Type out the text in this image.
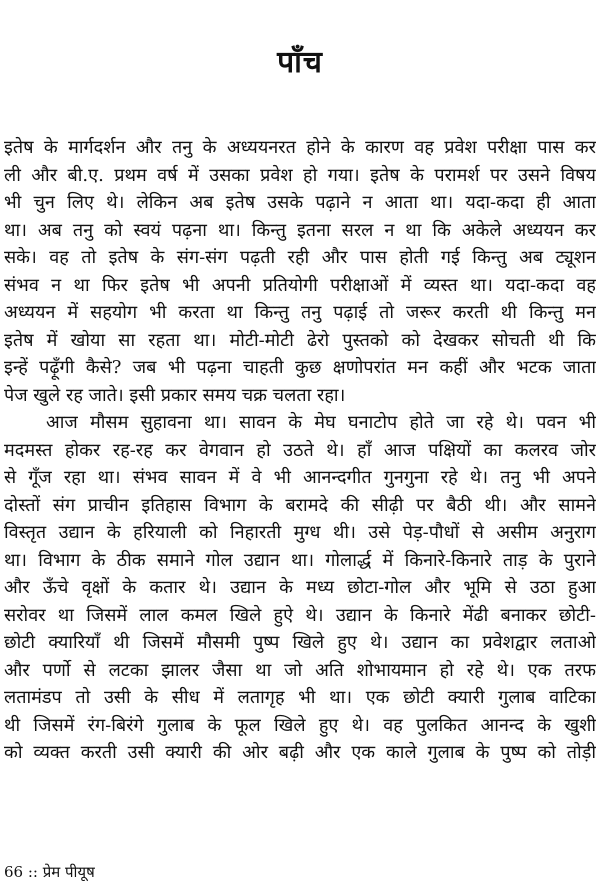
पाँच
इतेष के मार्गदर्शन और तनु के अध्ययनरत होने के कारण वह प्रवेश परीक्षा पास कर
ली और बी.ए. प्रथम वर्ष में उसका प्रवेश हो गया। इतेष के परामर्श पर उसने विषय
भी चुन लिए थे। लेकिन अब इतेष उसके पढ़ाने न आता था। यदा-कदा ही आता
था। अब तनु को स्वयं पढ़ना था। किन्तु इतना सरल न था कि अकेले अध्ययन कर
सके। वह तो इतेष के संग-संग पढ़ती रही और पास होती गई किन्तु अब ट्यूशन
संभव न था फिर इतेष भी अपनी प्रतियोगी परीक्षाओं में व्यस्त था। यदा-कदा वह
अध्ययन में सहयोग भी करता था किन्तु तनु पढ़ाई तो जरूर करती थी किन्तु मन
इतेष में खोया सा रहता था। मोटी-मोटी ढेरो पुस्तको को देखकर सोचती थी कि
इन्हें पढ़ूँगी कैसे? जब भी पढ़ना चाहती कुछ क्षणोपरांत मन कहीं और भटक जाता
पेज खुले रह जाते। इसी प्रकार समय चक्र चलता रहा।
आज मौसम सुहावना था। सावन के मेघ घनाटोप होते जा रहे थे। पवन भी
मदमस्त होकर रह-रह कर वेगवान हो उठते थे। हाँ आज पक्षियों का कलरव जोर
से गूँज रहा था। संभव सावन में वे भी आनन्दगीत गुनगुना रहे थे। तनु भी अपने
दोस्तों संग प्राचीन इतिहास विभाग के बरामदे की सीढ़ी पर बैठी थी। और सामने
विस्तृत उद्यान के हरियाली को निहारती मुग्ध थी। उसे पेड़-पौधों से असीम अनुराग
था। विभाग के ठीक समाने गोल उद्यान था। गोलार्द्ध में किनारे-किनारे ताड़ के पुराने
और ऊँचे वृक्षों के कतार थे। उद्यान के मध्य छोटा-गोल और भूमि से उठा हुआ
सरोवर था जिसमें लाल कमल खिले हुऐ थे। उद्यान के किनारे मेंढी बनाकर छोटी-
छोटी क्यारियाँ थी जिसमें मौसमी पुष्प खिले हुए थे। उद्यान का प्रवेशद्वार लताओ
और पर्णो से लटका झालर जैसा था जो अति शोभायमान हो रहे थे। एक तरफ
लतामंडप तो उसी के सीध में लतागृह भी था। एक छोटी क्यारी गुलाब वाटिका
थी जिसमें रंग-बिरंगे गुलाब के फूल खिले हुए थे। वह पुलकित आनन्द के खुशी
को व्यक्त करती उसी क्यारी की ओर बढ़ी और एक काले गुलाब के पुष्प को तोड़ी
66 :: प्रेम पीयूष
